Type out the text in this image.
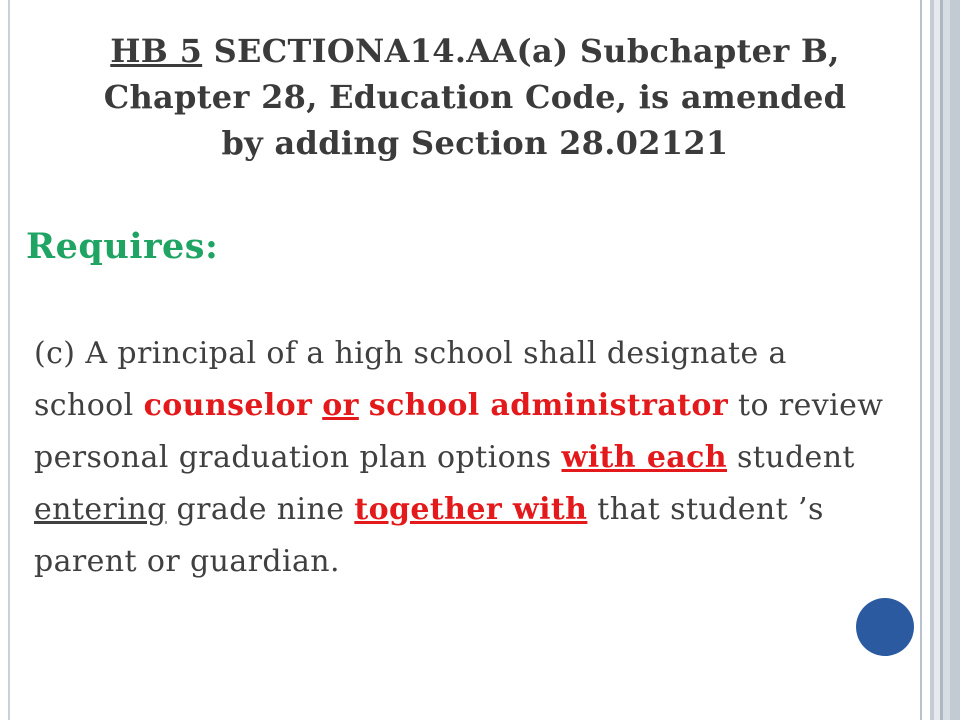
HB 5 SECTIONA14.AA(a) Subchapter B,
Chapter 28, Education Code, is amended
by adding Section 28.02121
Requires:
(c) A principal of a high school shall designate a school counselor or school administrator to review personal graduation plan options with each student entering grade nine together with that student ’s parent or guardian.
